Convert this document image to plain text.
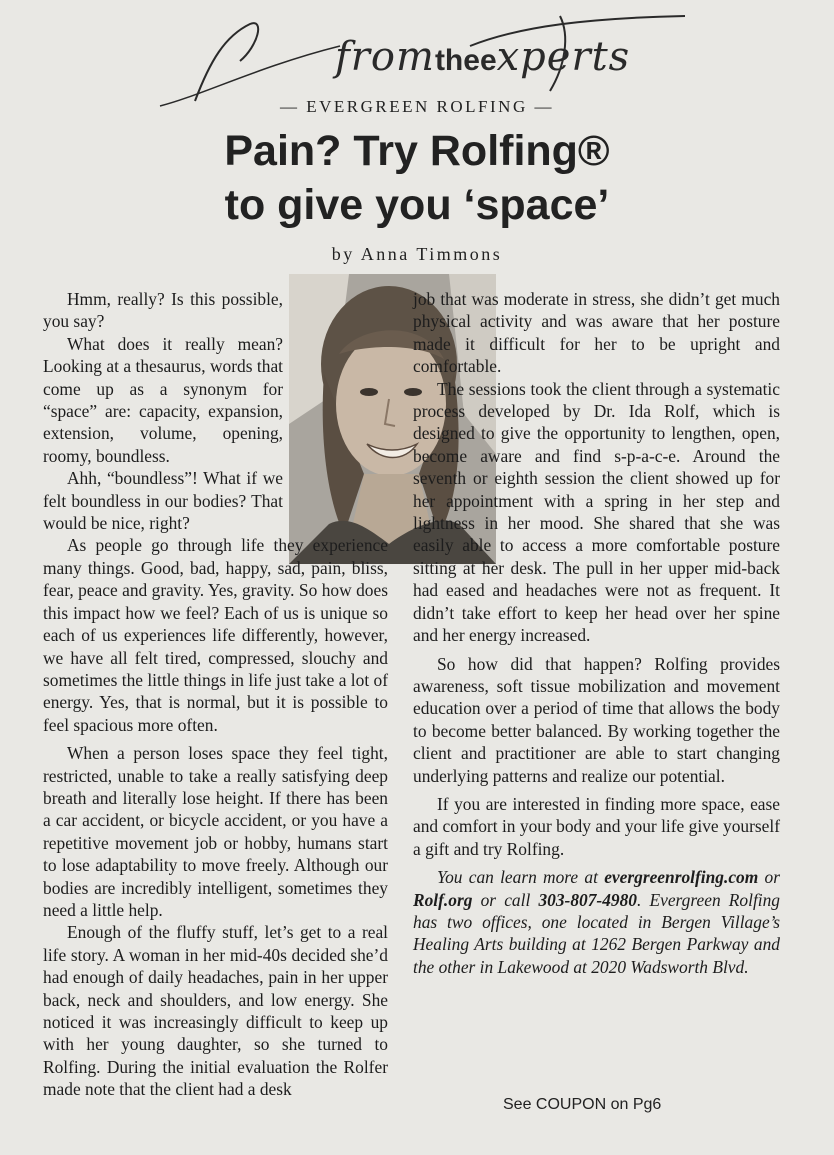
fromtheexperts
— EVERGREEN ROLFING —
Pain? Try Rolfing®
to give you ‘space’
by Anna Timmons

Hmm, really? Is this possible, you say?

What does it really mean? Looking at a thesaurus, words that come up as a synonym for “space” are: capacity, expansion, extension, volume, opening, roomy, boundless.

Ahh, “boundless”! What if we felt boundless in our bodies? That would be nice, right?

As people go through life they experience many things. Good, bad, happy, sad, pain, bliss, fear, peace and gravity. Yes, gravity. So how does this impact how we feel? Each of us is unique so each of us experiences life differently, however, we have all felt tired, compressed, slouchy and sometimes the little things in life just take a lot of energy. Yes, that is normal, but it is possible to feel spacious more often.

When a person loses space they feel tight, restricted, unable to take a really satisfying deep breath and literally lose height. If there has been a car accident, or bicycle accident, or you have a repetitive movement job or hobby, humans start to lose adaptability to move freely. Although our bodies are incredibly intelligent, sometimes they need a little help.

Enough of the fluffy stuff, let’s get to a real life story. A woman in her mid-40s decided she’d had enough of daily headaches, pain in her upper back, neck and shoulders, and low energy. She noticed it was increasingly difficult to keep up with her young daughter, so she turned to Rolfing. During the initial evaluation the Rolfer made note that the client had a desk

job that was moderate in stress, she didn’t get much physical activity and was aware that her posture made it difficult for her to be upright and comfortable.

The sessions took the client through a systematic process developed by Dr. Ida Rolf, which is designed to give the opportunity to lengthen, open, become aware and find s-p-a-c-e. Around the seventh or eighth session the client showed up for her appointment with a spring in her step and lightness in her mood. She shared that she was easily able to access a more comfortable posture sitting at her desk. The pull in her upper mid-back had eased and headaches were not as frequent. It didn’t take effort to keep her head over her spine and her energy increased.

So how did that happen? Rolfing provides awareness, soft tissue mobilization and movement education over a period of time that allows the body to become better balanced. By working together the client and practitioner are able to start changing underlying patterns and realize our potential.

If you are interested in finding more space, ease and comfort in your body and your life give yourself a gift and try Rolfing.

You can learn more at evergreenrolfing.com or Rolf.org or call 303-807-4980. Evergreen Rolfing has two offices, one located in Bergen Village’s Healing Arts building at 1262 Bergen Parkway and the other in Lakewood at 2020 Wadsworth Blvd.

See COUPON on Pg6
